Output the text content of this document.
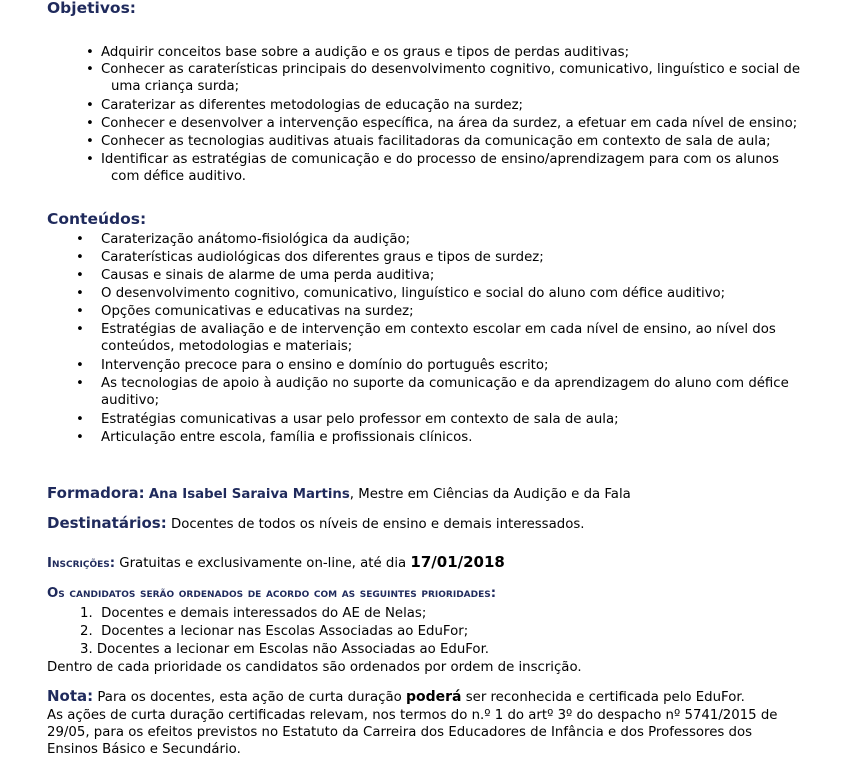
Objetivos:
• Adquirir conceitos base sobre a audição e os graus e tipos de perdas auditivas;
• Conhecer as caraterísticas principais do desenvolvimento cognitivo, comunicativo, linguístico e social de
uma criança surda;
• Caraterizar as diferentes metodologias de educação na surdez;
• Conhecer e desenvolver a intervenção específica, na área da surdez, a efetuar em cada nível de ensino;
• Conhecer as tecnologias auditivas atuais facilitadoras da comunicação em contexto de sala de aula;
• Identificar as estratégias de comunicação e do processo de ensino/aprendizagem para com os alunos
com défice auditivo.
Conteúdos:
• Caraterização anátomo-fisiológica da audição;
• Caraterísticas audiológicas dos diferentes graus e tipos de surdez;
• Causas e sinais de alarme de uma perda auditiva;
• O desenvolvimento cognitivo, comunicativo, linguístico e social do aluno com défice auditivo;
• Opções comunicativas e educativas na surdez;
• Estratégias de avaliação e de intervenção em contexto escolar em cada nível de ensino, ao nível dos
conteúdos, metodologias e materiais;
• Intervenção precoce para o ensino e domínio do português escrito;
• As tecnologias de apoio à audição no suporte da comunicação e da aprendizagem do aluno com défice
auditivo;
• Estratégias comunicativas a usar pelo professor em contexto de sala de aula;
• Articulação entre escola, família e profissionais clínicos.
Formadora: Ana Isabel Saraiva Martins, Mestre em Ciências da Audição e da Fala
Destinatários: Docentes de todos os níveis de ensino e demais interessados.
Inscrições: Gratuitas e exclusivamente on-line, até dia 17/01/2018
Os candidatos serão ordenados de acordo com as seguintes prioridades:
1. Docentes e demais interessados do AE de Nelas;
2. Docentes a lecionar nas Escolas Associadas ao EduFor;
3. Docentes a lecionar em Escolas não Associadas ao EduFor.
Dentro de cada prioridade os candidatos são ordenados por ordem de inscrição.
Nota: Para os docentes, esta ação de curta duração poderá ser reconhecida e certificada pelo EduFor.
As ações de curta duração certificadas relevam, nos termos do n.º 1 do artº 3º do despacho nº 5741/2015 de
29/05, para os efeitos previstos no Estatuto da Carreira dos Educadores de Infância e dos Professores dos
Ensinos Básico e Secundário.
